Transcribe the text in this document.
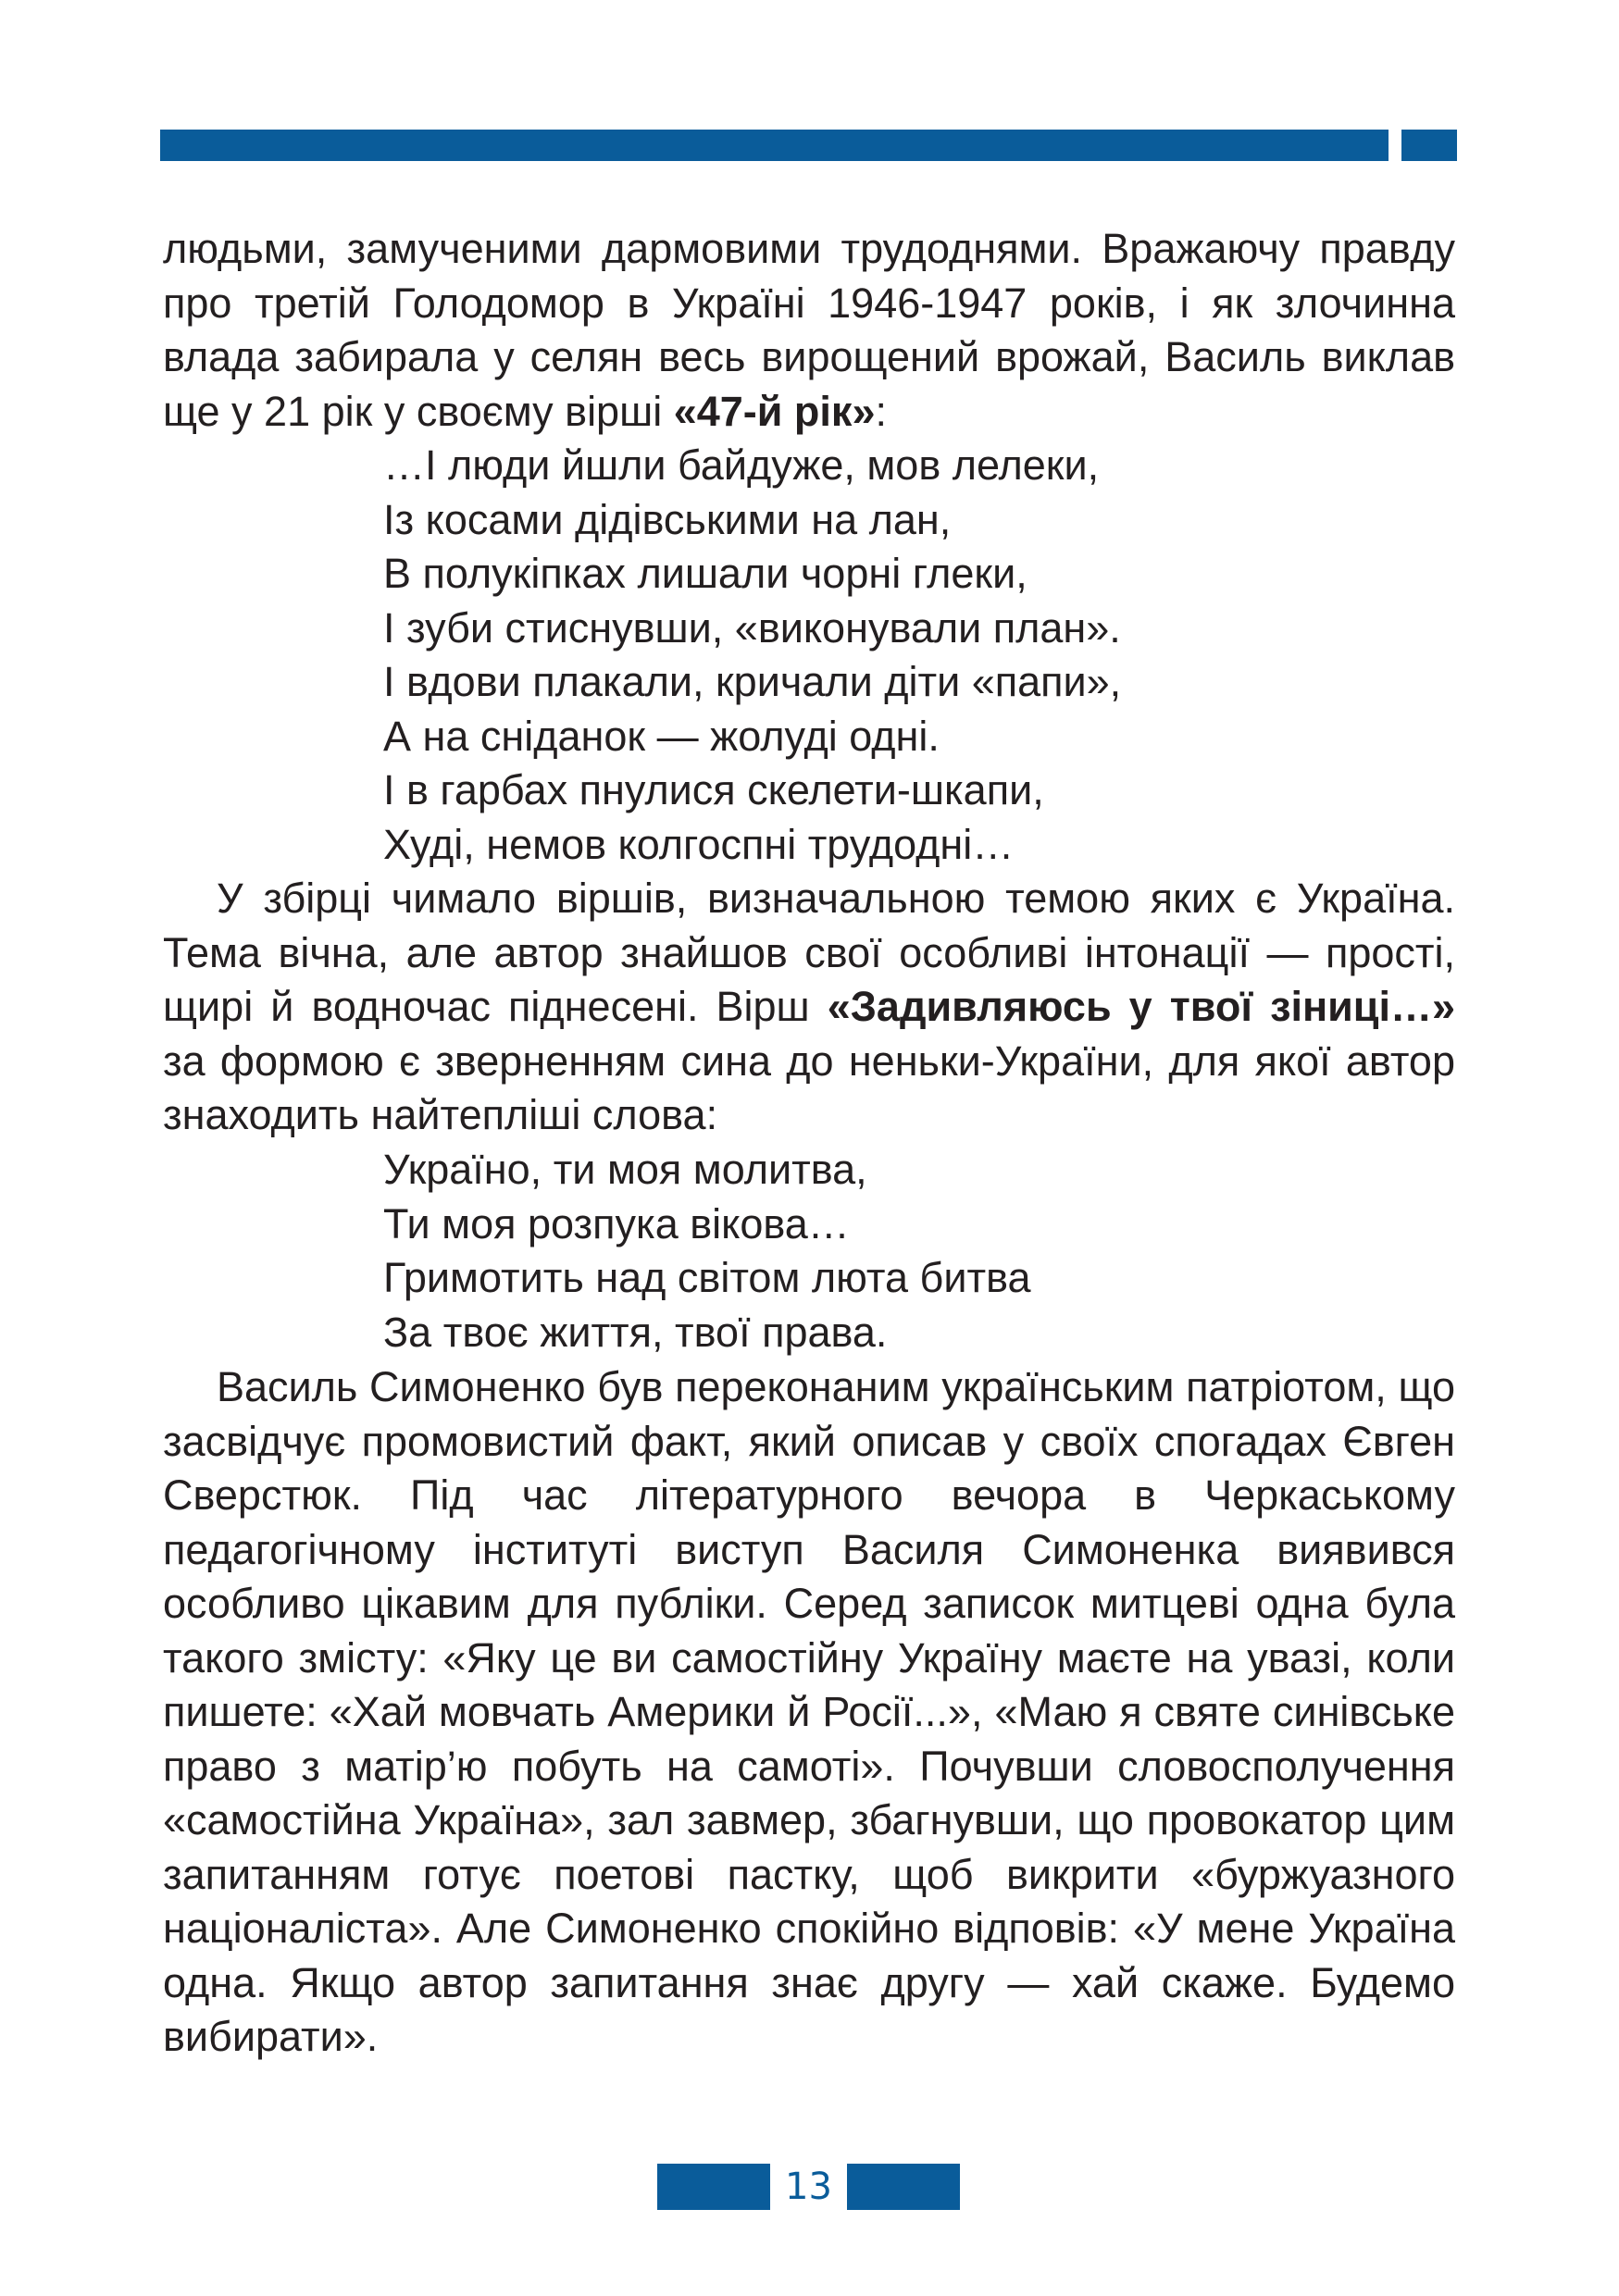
людьми, замученими дармовими трудоднями. Вражаючу правду про третій Голодомор в Україні 1946-1947 років, і як злочинна влада забирала у селян весь вирощений врожай, Василь виклав ще у 21 рік у своєму вірші «47-й рік»:

…І люди йшли байдуже, мов лелеки,
Із косами дідівськими на лан,
В полукіпках лишали чорні глеки,
І зуби стиснувши, «виконували план».
І вдови плакали, кричали діти «папи»,
А на сніданок — жолуді одні.
І в гарбах пнулися скелети-шкапи,
Худі, немов колгоспні трудодні…

У збірці чимало віршів, визначальною темою яких є Україна. Тема вічна, але автор знайшов свої особливі інтонації — прості, щирі й водночас піднесені. Вірш «Задивляюсь у твої зіниці…» за формою є зверненням сина до неньки-України, для якої автор знаходить найтепліші слова:

Україно, ти моя молитва,
Ти моя розпука вікова…
Гримотить над світом люта битва
За твоє життя, твої права.

Василь Симоненко був переконаним українським патріотом, що засвідчує промовистий факт, який описав у своїх спогадах Євген Сверстюк. Під час літературного вечора в Черкаському педагогічному інституті виступ Василя Симоненка виявився особливо цікавим для публіки. Серед записок митцеві одна була такого змісту: «Яку це ви самостійну Україну маєте на увазі, коли пишете: «Хай мовчать Америки й Росії...», «Маю я святе синівське право з матір’ю побуть на самоті». Почувши словосполучення «самостійна Україна», зал завмер, збагнувши, що провокатор цим запитанням готує поетові пастку, щоб викрити «буржуазного націоналіста». Але Симоненко спокійно відповів: «У мене Україна одна. Якщо автор запитання знає другу — хай скаже. Будемо вибирати».

13
